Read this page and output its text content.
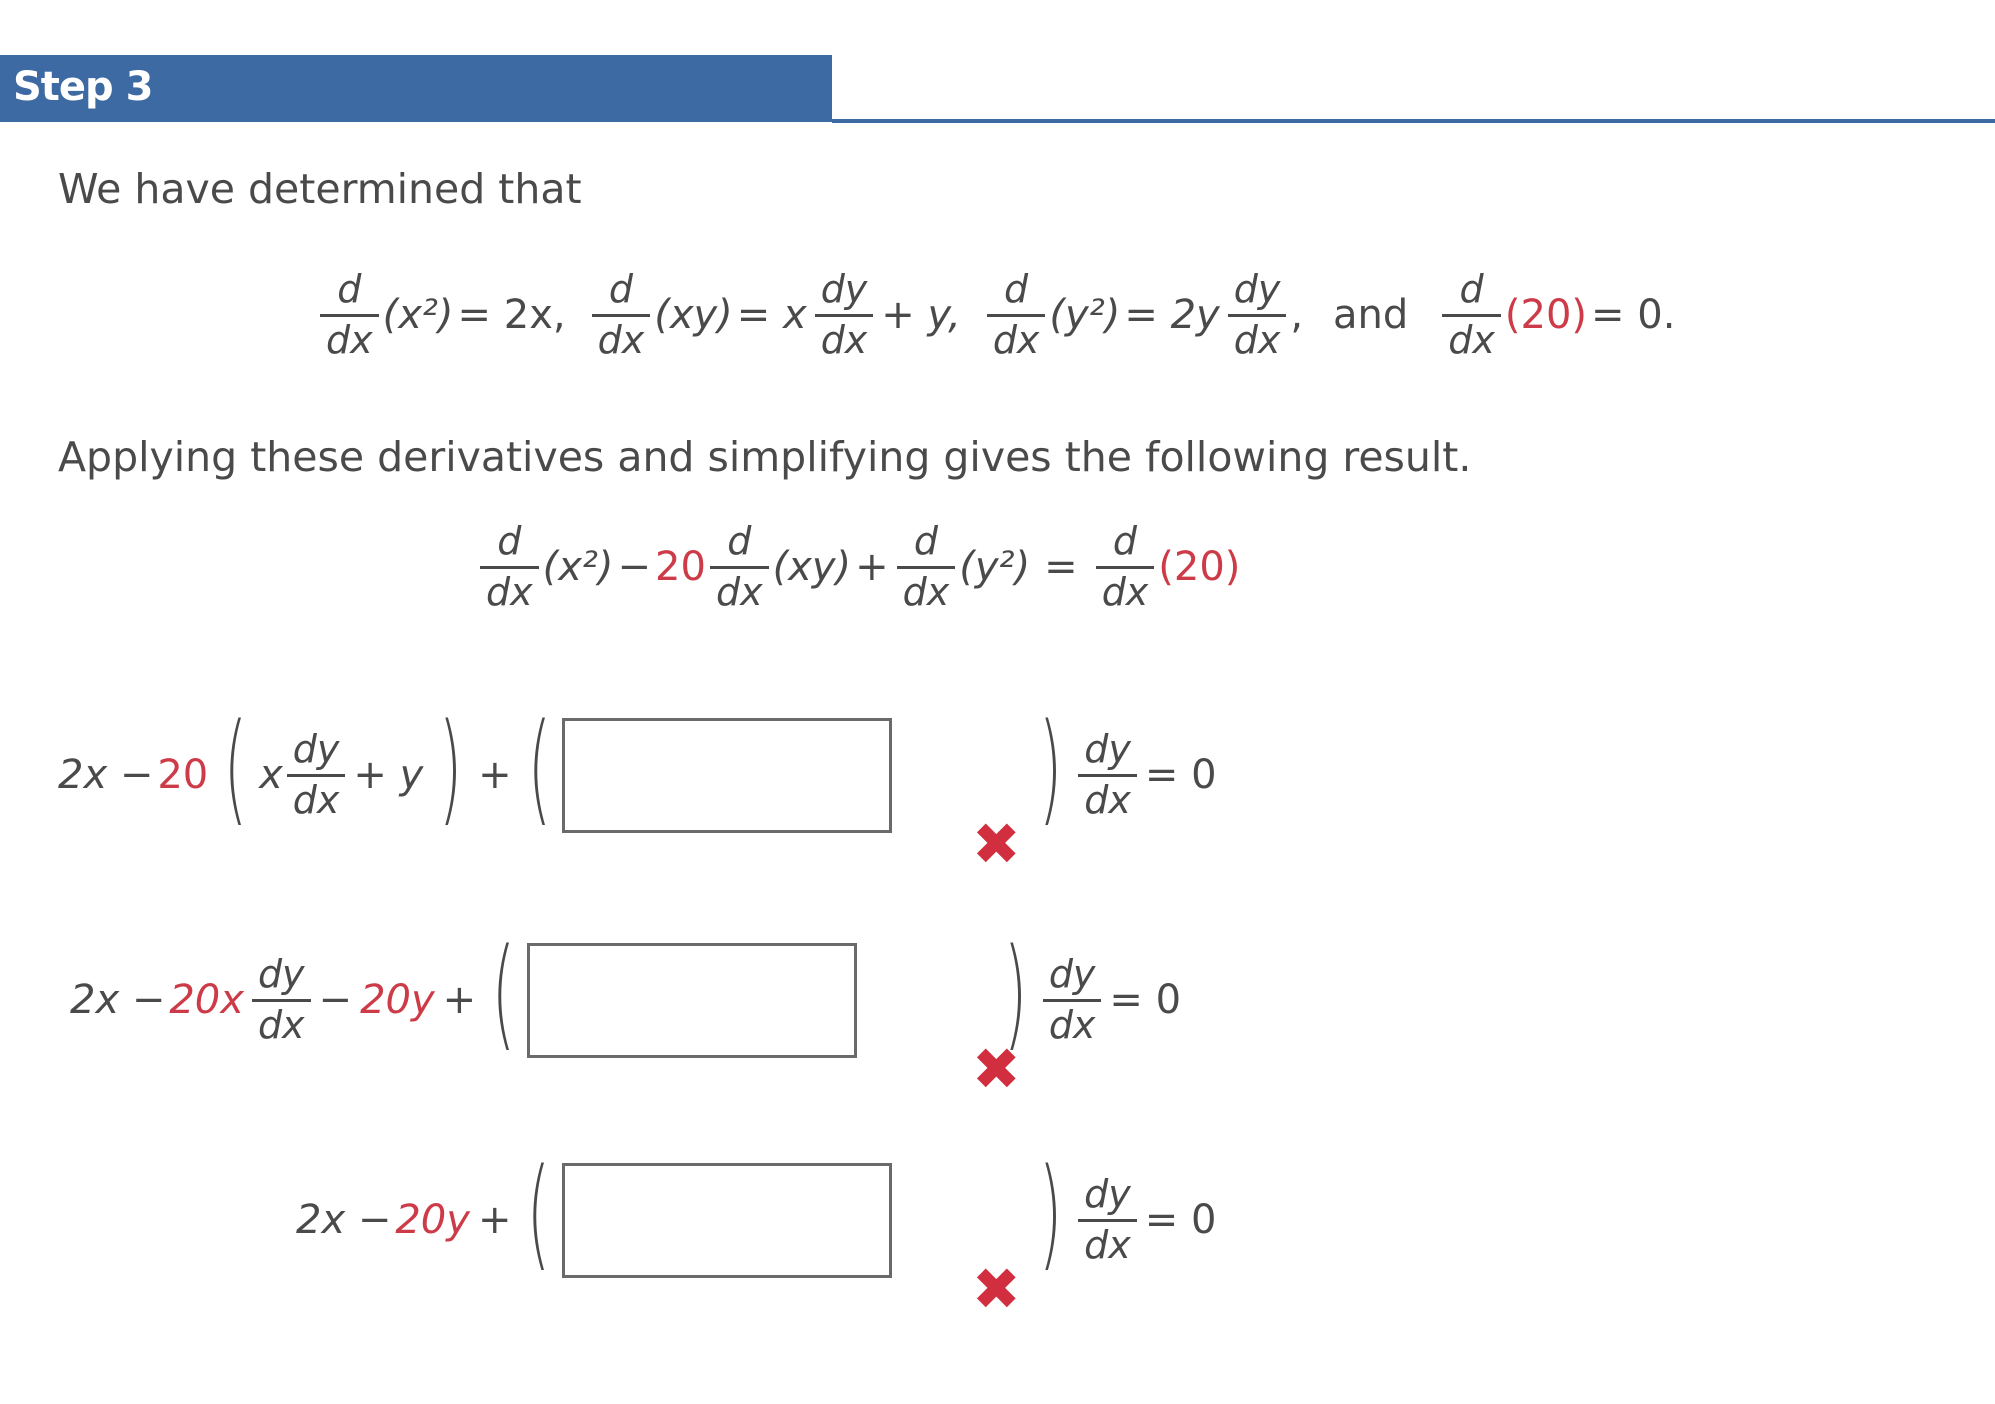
Step 3
We have determined that
$\frac{d}{dx} (x^2) = 2x$, $\frac{d}{dx} (xy) = x \frac{dy}{dx} + y$, $\frac{d}{dx} (y^2) = 2y \frac{dy}{dx}$ , and $\frac{d}{dx} (20) = 0$.
Applying these derivatives and simplifying gives the following result.
$\frac{d}{dx} (x^2) - 20 \frac{d}{dx} (xy) + \frac{d}{dx} (y^2) = \frac{d}{dx} (20)$
2x − 20 ( x $\frac{dy}{dx} + y$ ) + (	) $\frac{dy}{dx} = 0$
✖
$2x - 20x \frac{dy}{dx} - 20y$ + (	) $\frac{dy}{dx} = 0$
✖
2x − 20y + (	) $\frac{dy}{dx} = 0$
✖
